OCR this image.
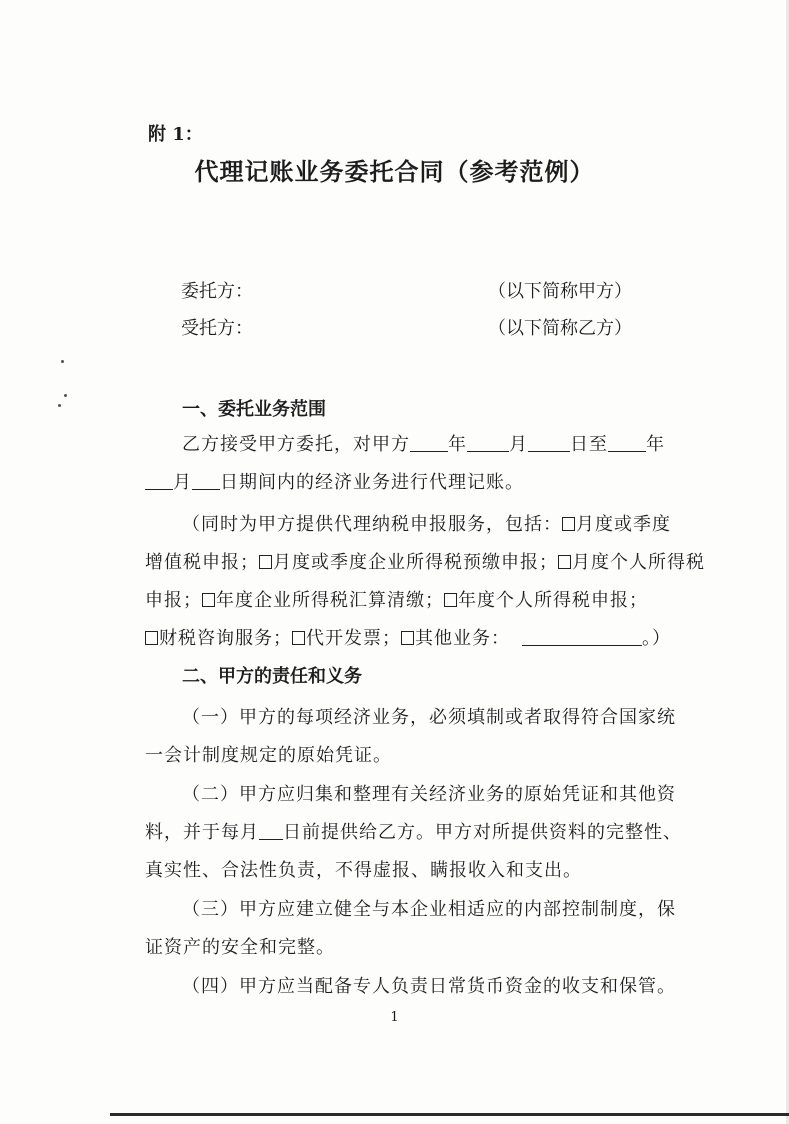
附 1：
代理记账业务委托合同（参考范例）
委托方：	（以下简称甲方）
受托方：	（以下简称乙方）
一、委托业务范围
乙方接受甲方委托，对甲方 年 月 日至 年
月 日期间内的经济业务进行代理记账。
（同时为甲方提供代理纳税申报服务，包括： 月度或季度
增值税申报； 月度或季度企业所得税预缴申报； 月度个人所得税
申报； 年度企业所得税汇算清缴； 年度个人所得税申报；
财税咨询服务； 代开发票； 其他业务：	。）
二、甲方的责任和义务
（一）甲方的每项经济业务，必须填制或者取得符合国家统
一会计制度规定的原始凭证。
（二）甲方应归集和整理有关经济业务的原始凭证和其他资
料，并于每月 日前提供给乙方。甲方对所提供资料的完整性、
真实性、合法性负责，不得虚报、瞒报收入和支出。
（三）甲方应建立健全与本企业相适应的内部控制制度，保
证资产的安全和完整。
（四）甲方应当配备专人负责日常货币资金的收支和保管。
1
